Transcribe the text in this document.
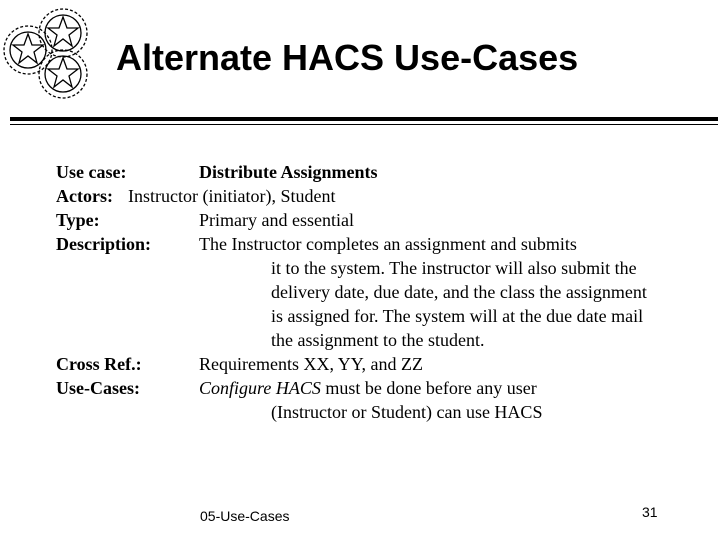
Alternate HACS Use-Cases
Use case:	Distribute Assignments
Actors: Instructor (initiator), Student
Type:	Primary and essential
Description:	The Instructor completes an assignment and submits
it to the system. The instructor will also submit the
delivery date, due date, and the class the assignment
is assigned for. The system will at the due date mail
the assignment to the student.
Cross Ref.:	Requirements XX, YY, and ZZ
Use-Cases:	Configure HACS must be done before any user
(Instructor or Student) can use HACS
05-Use-Cases	31
